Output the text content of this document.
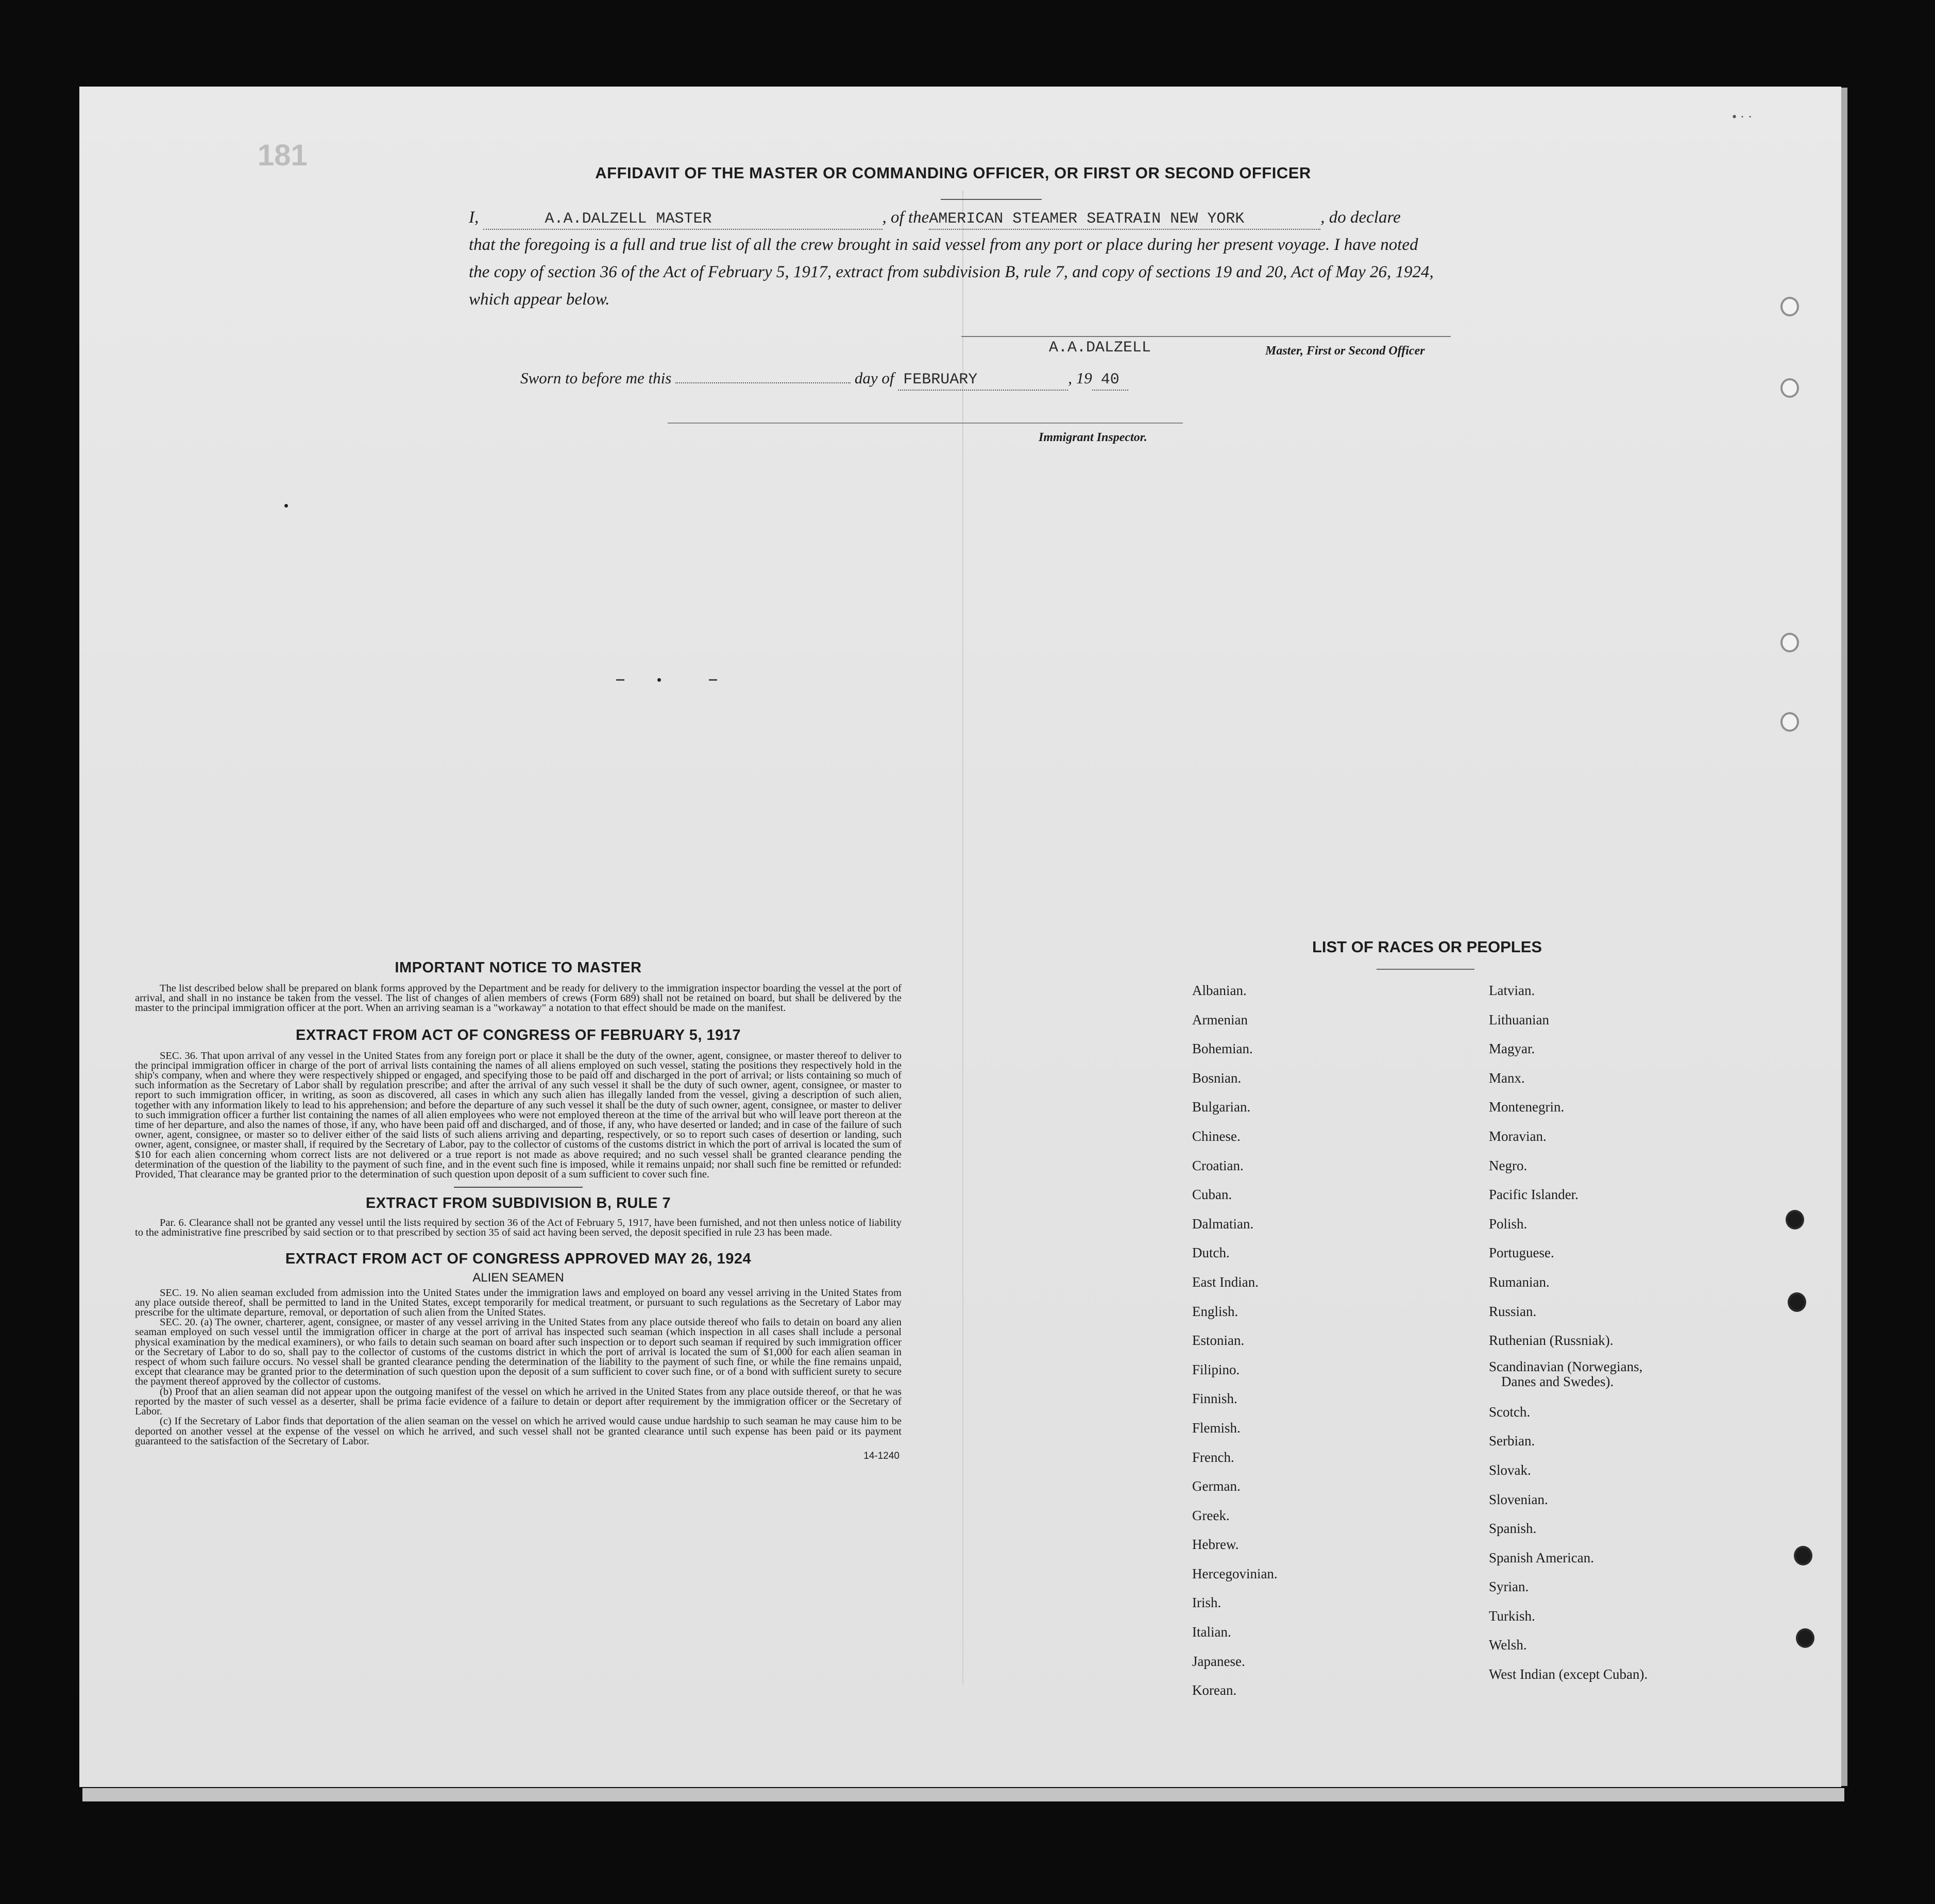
181
• · ·
AFFIDAVIT OF THE MASTER OR COMMANDING OFFICER, OR FIRST OR SECOND OFFICER
I,	A.A.DALZELL MASTER	, of theAMERICAN STEAMER SEATRAIN NEW YORK	, do declare
that the foregoing is a full and true list of all the crew brought in said vessel from any port or place during her present voyage. I have noted
the copy of section 36 of the Act of February 5, 1917, extract from subdivision B, rule 7, and copy of sections 19 and 20, Act of May 26, 1924,
which appear below.
A.A.DALZELL	Master, First or Second Officer
Sworn to before me this	day of FEBRUARY	, 19 40
Immigrant Inspector.
IMPORTANT NOTICE TO MASTER

The list described below shall be prepared on blank forms approved by the Department and be ready for delivery to the immigration inspector boarding the vessel at the port of arrival, and shall in no instance be taken from the vessel. The list of changes of alien members of crews (Form 689) shall not be retained on board, but shall be delivered by the master to the principal immigration officer at the port. When an arriving seaman is a "workaway" a notation to that effect should be made on the manifest.

EXTRACT FROM ACT OF CONGRESS OF FEBRUARY 5, 1917

SEC. 36. That upon arrival of any vessel in the United States from any foreign port or place it shall be the duty of the owner, agent, consignee, or master thereof to deliver to the principal immigration officer in charge of the port of arrival lists containing the names of all aliens employed on such vessel, stating the positions they respectively hold in the ship's company, when and where they were respectively shipped or engaged, and specifying those to be paid off and discharged in the port of arrival; or lists containing so much of such information as the Secretary of Labor shall by regulation prescribe; and after the arrival of any such vessel it shall be the duty of such owner, agent, consignee, or master to report to such immigration officer, in writing, as soon as discovered, all cases in which any such alien has illegally landed from the vessel, giving a description of such alien, together with any information likely to lead to his apprehension; and before the departure of any such vessel it shall be the duty of such owner, agent, consignee, or master to deliver to such immigration officer a further list containing the names of all alien employees who were not employed thereon at the time of the arrival but who will leave port thereon at the time of her departure, and also the names of those, if any, who have been paid off and discharged, and of those, if any, who have deserted or landed; and in case of the failure of such owner, agent, consignee, or master so to deliver either of the said lists of such aliens arriving and departing, respectively, or so to report such cases of desertion or landing, such owner, agent, consignee, or master shall, if required by the Secretary of Labor, pay to the collector of customs of the customs district in which the port of arrival is located the sum of $10 for each alien concerning whom correct lists are not delivered or a true report is not made as above required; and no such vessel shall be granted clearance pending the determination of the question of the liability to the payment of such fine, and in the event such fine is imposed, while it remains unpaid; nor shall such fine be remitted or refunded: Provided, That clearance may be granted prior to the determination of such question upon deposit of a sum sufficient to cover such fine.

EXTRACT FROM SUBDIVISION B, RULE 7

Par. 6. Clearance shall not be granted any vessel until the lists required by section 36 of the Act of February 5, 1917, have been furnished, and not then unless notice of liability to the administrative fine prescribed by said section or to that prescribed by section 35 of said act having been served, the deposit specified in rule 23 has been made.

EXTRACT FROM ACT OF CONGRESS APPROVED MAY 26, 1924
ALIEN SEAMEN

SEC. 19. No alien seaman excluded from admission into the United States under the immigration laws and employed on board any vessel arriving in the United States from any place outside thereof, shall be permitted to land in the United States, except temporarily for medical treatment, or pursuant to such regulations as the Secretary of Labor may prescribe for the ultimate departure, removal, or deportation of such alien from the United States.

SEC. 20. (a) The owner, charterer, agent, consignee, or master of any vessel arriving in the United States from any place outside thereof who fails to detain on board any alien seaman employed on such vessel until the immigration officer in charge at the port of arrival has inspected such seaman (which inspection in all cases shall include a personal physical examination by the medical examiners), or who fails to detain such seaman on board after such inspection or to deport such seaman if required by such immigration officer or the Secretary of Labor to do so, shall pay to the collector of customs of the customs district in which the port of arrival is located the sum of $1,000 for each alien seaman in respect of whom such failure occurs. No vessel shall be granted clearance pending the determination of the liability to the payment of such fine, or while the fine remains unpaid, except that clearance may be granted prior to the determination of such question upon the deposit of a sum sufficient to cover such fine, or of a bond with sufficient surety to secure the payment thereof approved by the collector of customs.

(b) Proof that an alien seaman did not appear upon the outgoing manifest of the vessel on which he arrived in the United States from any place outside thereof, or that he was reported by the master of such vessel as a deserter, shall be prima facie evidence of a failure to detain or deport after requirement by the immigration officer or the Secretary of Labor.

(c) If the Secretary of Labor finds that deportation of the alien seaman on the vessel on which he arrived would cause undue hardship to such seaman he may cause him to be deported on another vessel at the expense of the vessel on which he arrived, and such vessel shall not be granted clearance until such expense has been paid or its payment guaranteed to the satisfaction of the Secretary of Labor.

14-1240
LIST OF RACES OR PEOPLES
Albanian.
Armenian
Bohemian.
Bosnian.
Bulgarian.
Chinese.
Croatian.
Cuban.
Dalmatian.
Dutch.
East Indian.
English.
Estonian.
Filipino.
Finnish.
Flemish.
French.
German.
Greek.
Hebrew.
Hercegovinian.
Irish.
Italian.
Japanese.
Korean.
Latvian.
Lithuanian
Magyar.
Manx.
Montenegrin.
Moravian.
Negro.
Pacific Islander.
Polish.
Portuguese.
Rumanian.
Russian.
Ruthenian (Russniak).
Scandinavian (Norwegians,
Danes and Swedes).
Scotch.
Serbian.
Slovak.
Slovenian.
Spanish.
Spanish American.
Syrian.
Turkish.
Welsh.
West Indian (except Cuban).
